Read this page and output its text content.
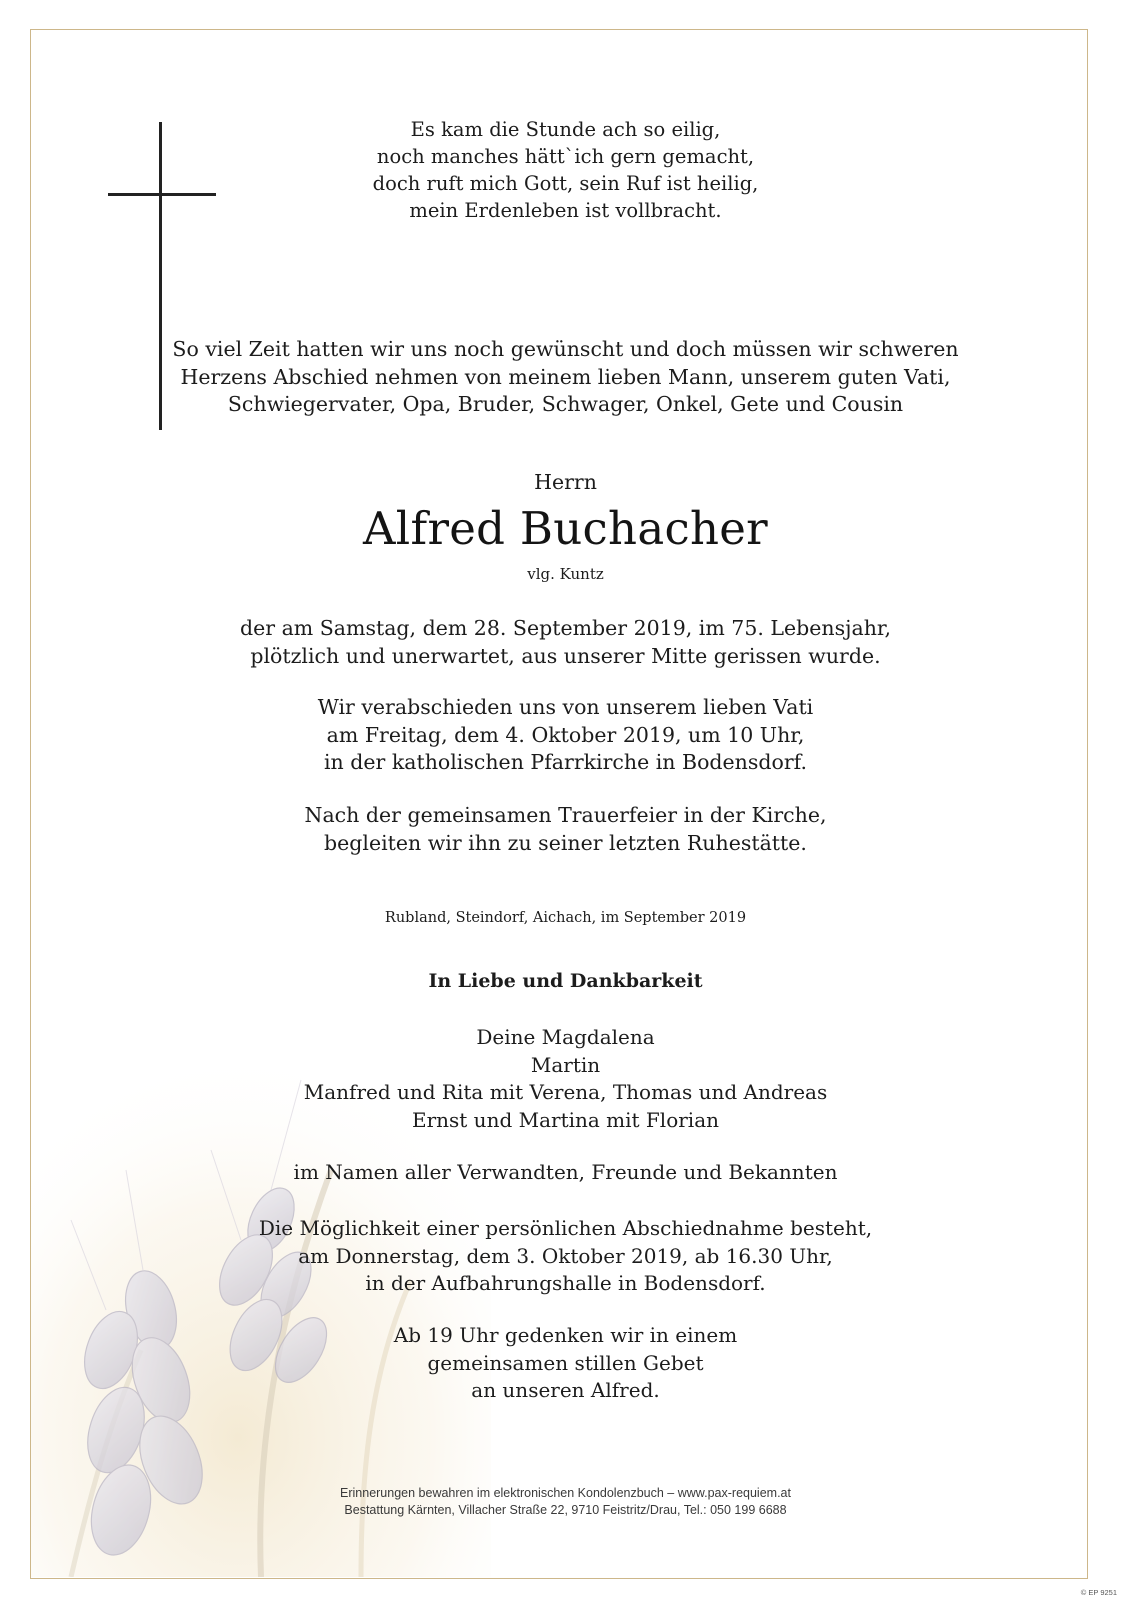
Es kam die Stunde ach so eilig,
noch manches hätt`ich gern gemacht,
doch ruft mich Gott, sein Ruf ist heilig,
mein Erdenleben ist vollbracht.
So viel Zeit hatten wir uns noch gewünscht und doch müssen wir schweren
Herzens Abschied nehmen von meinem lieben Mann, unserem guten Vati,
Schwiegervater, Opa, Bruder, Schwager, Onkel, Gete und Cousin
Herrn
Alfred Buchacher
vlg. Kuntz
der am Samstag, dem 28. September 2019, im 75. Lebensjahr,
plötzlich und unerwartet, aus unserer Mitte gerissen wurde.
Wir verabschieden uns von unserem lieben Vati
am Freitag, dem 4. Oktober 2019, um 10 Uhr,
in der katholischen Pfarrkirche in Bodensdorf.
Nach der gemeinsamen Trauerfeier in der Kirche,
begleiten wir ihn zu seiner letzten Ruhestätte.
Rubland, Steindorf, Aichach, im September 2019
In Liebe und Dankbarkeit
Deine Magdalena
Martin
Manfred und Rita mit Verena, Thomas und Andreas
Ernst und Martina mit Florian
im Namen aller Verwandten, Freunde und Bekannten
Die Möglichkeit einer persönlichen Abschiednahme besteht,
am Donnerstag, dem 3. Oktober 2019, ab 16.30 Uhr,
in der Aufbahrungshalle in Bodensdorf.
Ab 19 Uhr gedenken wir in einem
gemeinsamen stillen Gebet
an unseren Alfred.
Erinnerungen bewahren im elektronischen Kondolenzbuch – www.pax-requiem.at
Bestattung Kärnten, Villacher Straße 22, 9710 Feistritz/Drau, Tel.: 050 199 6688
© EP 9251
